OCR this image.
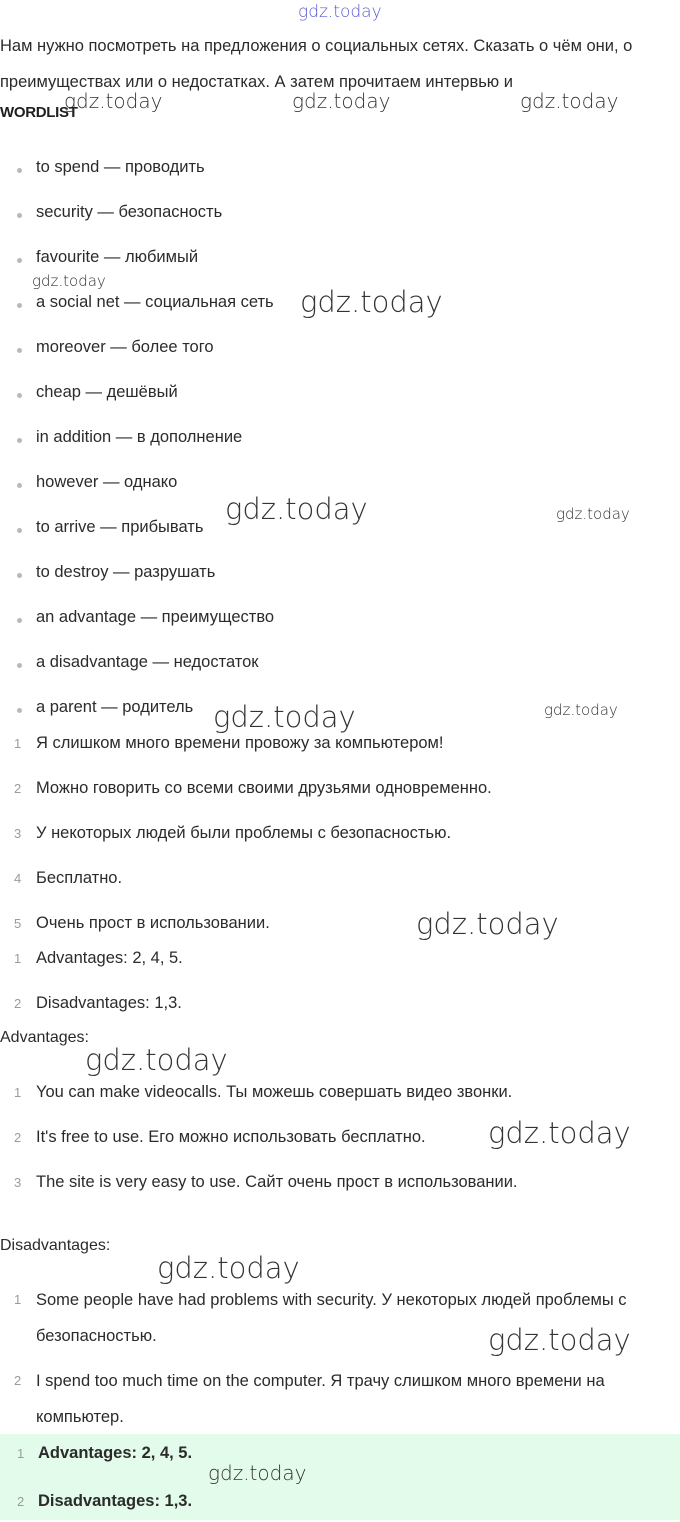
gdz.today
Нам нужно посмотреть на предложения о социальных сетях. Сказать о чём они, о преимуществах или о недостатках. А затем прочитаем интервью и
WORDLIST
to spend — проводить
security — безопасность
favourite — любимый
a social net — социальная сеть
moreover — более того
cheap — дешёвый
in addition — в дополнение
however — однако
to arrive — прибывать
to destroy — разрушать
an advantage — преимущество
a disadvantage — недостаток
a parent — родитель
1 Я слишком много времени провожу за компьютером!
2 Можно говорить со всеми своими друзьями одновременно.
3 У некоторых людей были проблемы с безопасностью.
4 Бесплатно.
5 Очень прост в использовании.
1 Advantages: 2, 4, 5.
2 Disadvantages: 1,3.
Advantages:
1 You can make videocalls. Ты можешь совершать видео звонки.
2 It's free to use. Его можно использовать бесплатно.
3 The site is very easy to use. Сайт очень прост в использовании.
Disadvantages:
1 Some people have had problems with security. У некоторых людей проблемы с безопасностью.
2 I spend too much time on the computer. Я трачу слишком много времени на компьютер.
1 Advantages: 2, 4, 5.
2 Disadvantages: 1,3.
gdz.today	gdz.today	gdz.today
gdz.today
gdz.today
gdz.today	gdz.today
gdz.today	gdz.today
gdz.today
gdz.today
gdz.today
gdz.today
gdz.today
gdz.today
